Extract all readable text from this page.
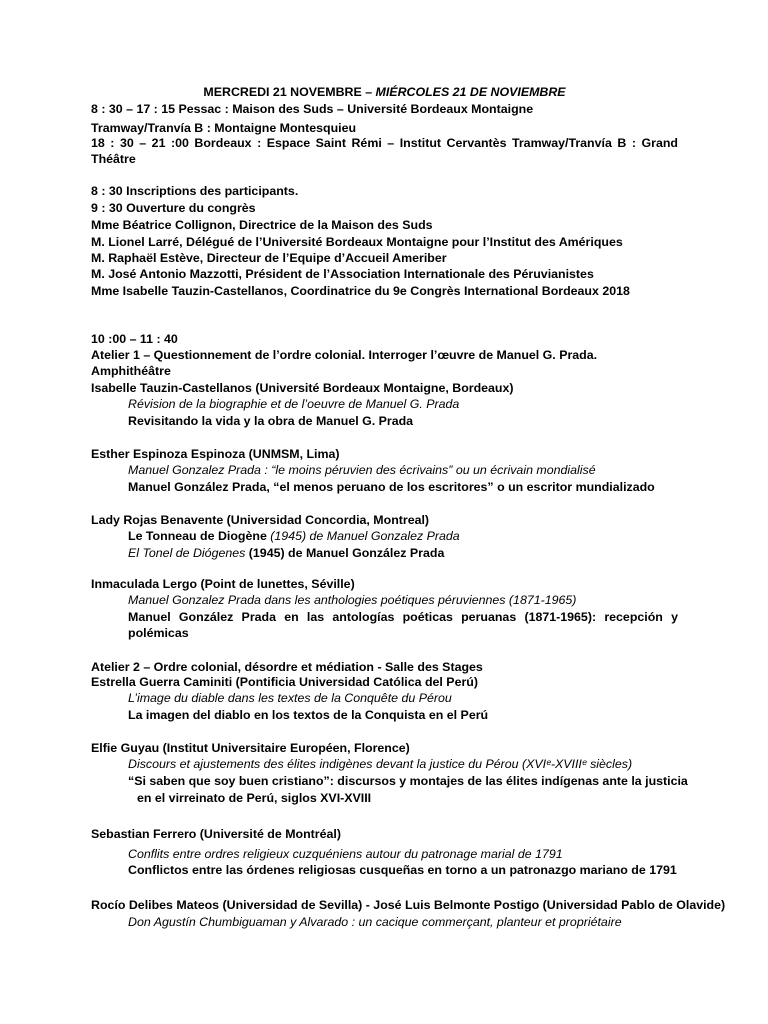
MERCREDI 21 NOVEMBRE – MIÉRCOLES 21 DE NOVIEMBRE
8 : 30 – 17 : 15 Pessac : Maison des Suds – Université Bordeaux Montaigne
Tramway/Tranvía B : Montaigne Montesquieu
18 : 30 – 21 :00 Bordeaux : Espace Saint Rémi – Institut Cervantès Tramway/Tranvía B : Grand Théâtre
8 : 30 Inscriptions des participants.
9 : 30 Ouverture du congrès
Mme Béatrice Collignon, Directrice de la Maison des Suds
M. Lionel Larré, Délégué de l’Université Bordeaux Montaigne pour l’Institut des Amériques
M. Raphaël Estève, Directeur de l’Equipe d’Accueil Ameriber
M. José Antonio Mazzotti, Président de l’Association Internationale des Péruvianistes
Mme Isabelle Tauzin-Castellanos, Coordinatrice du 9e Congrès International Bordeaux 2018
10 :00 – 11 : 40
Atelier 1 – Questionnement de l’ordre colonial. Interroger l’œuvre de Manuel G. Prada.
Amphithéâtre
Isabelle Tauzin-Castellanos (Université Bordeaux Montaigne, Bordeaux)
Révision de la biographie et de l’oeuvre de Manuel G. Prada
Revisitando la vida y la obra de Manuel G. Prada
Esther Espinoza Espinoza (UNMSM, Lima)
Manuel Gonzalez Prada : “le moins péruvien des écrivains” ou un écrivain mondialisé
Manuel González Prada, “el menos peruano de los escritores” o un escritor mundializado
Lady Rojas Benavente (Universidad Concordia, Montreal)
Le Tonneau de Diogène (1945) de Manuel Gonzalez Prada
El Tonel de Diógenes (1945) de Manuel González Prada
Inmaculada Lergo (Point de lunettes, Séville)
Manuel Gonzalez Prada dans les anthologies poétiques péruviennes (1871-1965)
Manuel González Prada en las antologías poéticas peruanas (1871-1965): recepción y polémicas
Atelier 2 – Ordre colonial, désordre et médiation - Salle des Stages
Estrella Guerra Caminiti (Pontificia Universidad Católica del Perú)
L’image du diable dans les textes de la Conquête du Pérou
La imagen del diablo en los textos de la Conquista en el Perú
Elfie Guyau (Institut Universitaire Européen, Florence)
Discours et ajustements des élites indigènes devant la justice du Pérou (XVIᵉ-XVIIIᵉ siècles)
“Si saben que soy buen cristiano”: discursos y montajes de las élites indígenas ante la justicia
en el virreinato de Perú, siglos XVI-XVIII
Sebastian Ferrero (Université de Montréal)
Conflits entre ordres religieux cuzquéniens autour du patronage marial de 1791
Conflictos entre las órdenes religiosas cusqueñas en torno a un patronazgo mariano de 1791
Rocío Delibes Mateos (Universidad de Sevilla) - José Luis Belmonte Postigo (Universidad Pablo de Olavide)
Don Agustín Chumbiguaman y Alvarado : un cacique commerçant, planteur et propriétaire
